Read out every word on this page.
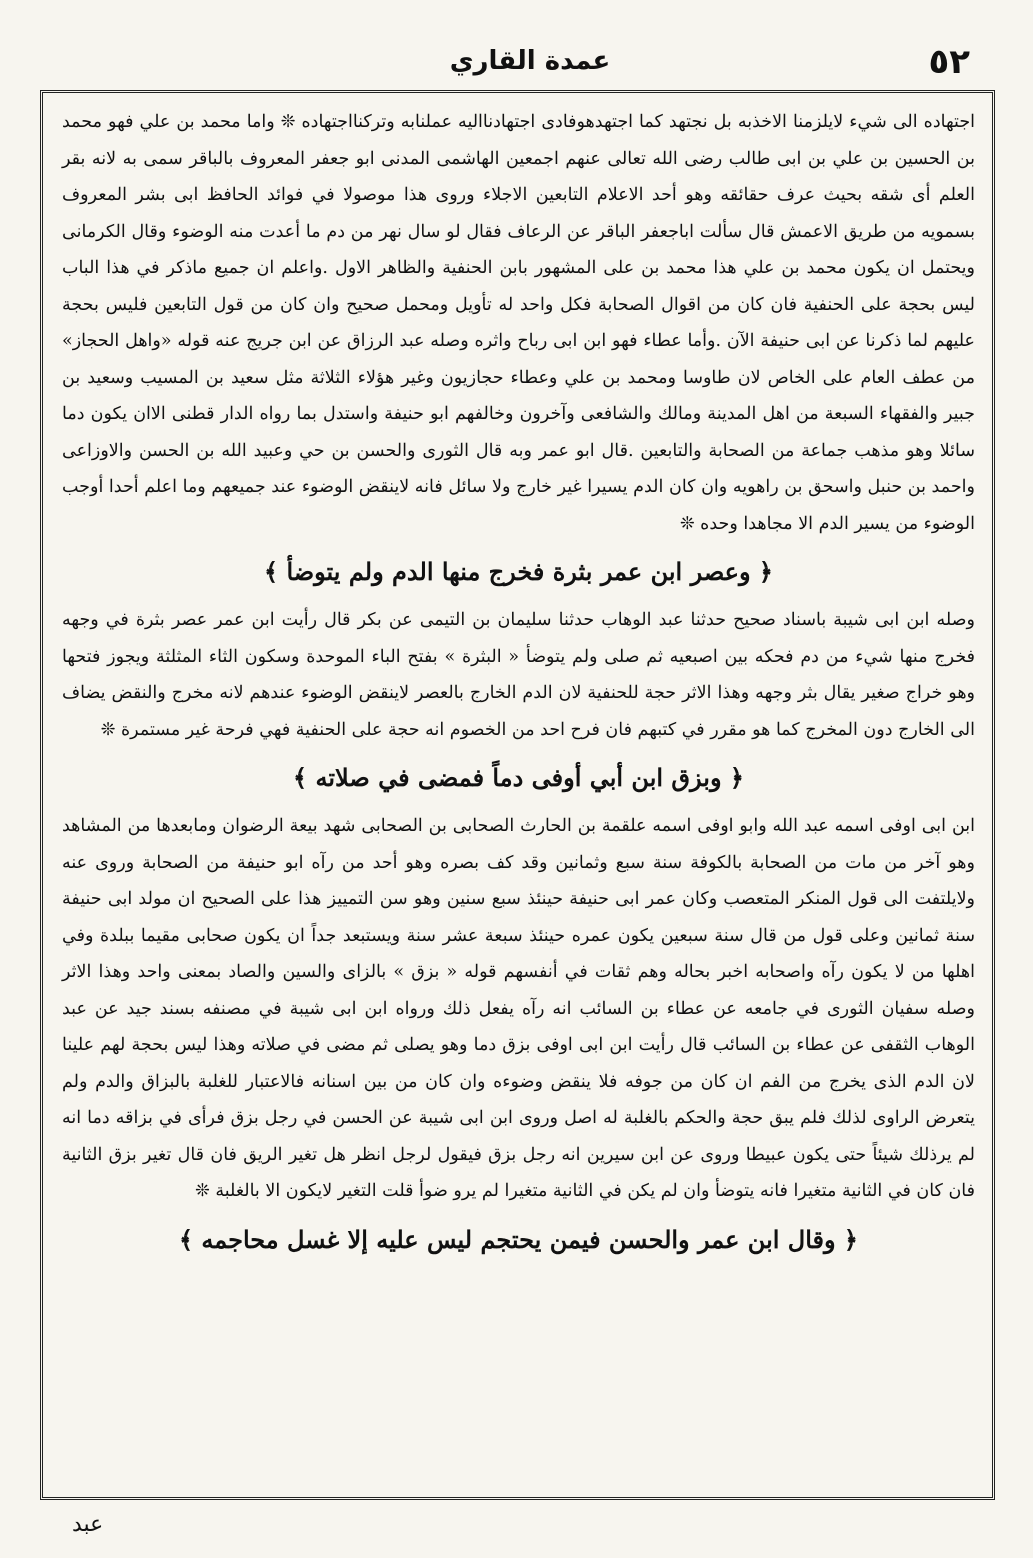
٥٢
عمدة القاري

اجتهاده الى شيء لايلزمنا الاخذبه بل نجتهد كما اجتهدهوفادى اجتهادنااليه عملنابه وتركنااجتهاده ❊ واما محمد بن علي فهو محمد بن الحسين بن علي بن ابى طالب رضى الله تعالى عنهم اجمعين الهاشمى المدنى ابو جعفر المعروف بالباقر سمى به لانه بقر العلم أى شقه بحيث عرف حقائقه وهو أحد الاعلام التابعين الاجلاء وروى هذا موصولا في فوائد الحافظ ابى بشر المعروف بسمويه من طريق الاعمش قال سألت اباجعفر الباقر عن الرعاف فقال لو سال نهر من دم ما أعدت منه الوضوء وقال الكرمانى ويحتمل ان يكون محمد بن علي هذا محمد بن على المشهور بابن الحنفية والظاهر الاول .واعلم ان جميع ماذكر في هذا الباب ليس بحجة على الحنفية فان كان من اقوال الصحابة فكل واحد له تأويل ومحمل صحيح وان كان من قول التابعين فليس بحجة عليهم لما ذكرنا عن ابى حنيفة الآن .وأما عطاء فهو ابن ابى رباح واثره وصله عبد الرزاق عن ابن جريج عنه قوله «واهل الحجاز» من عطف العام على الخاص لان طاوسا ومحمد بن علي وعطاء حجازيون وغير هؤلاء الثلاثة مثل سعيد بن المسيب وسعيد بن جبير والفقهاء السبعة من اهل المدينة ومالك والشافعى وآخرون وخالفهم ابو حنيفة واستدل بما رواه الدار قطنى الاان يكون دما سائلا وهو مذهب جماعة من الصحابة والتابعين .قال ابو عمر وبه قال الثورى والحسن بن حي وعبيد الله بن الحسن والاوزاعى واحمد بن حنبل واسحق بن راهويه وان كان الدم يسيرا غير خارج ولا سائل فانه لاينقض الوضوء عند جميعهم وما اعلم أحدا أوجب الوضوء من يسير الدم الا مجاهدا وحده ❊

﴿ وعصر ابن عمر بثرة فخرج منها الدم ولم يتوضأ ﴾

وصله ابن ابى شيبة باسناد صحيح حدثنا عبد الوهاب حدثنا سليمان بن التيمى عن بكر قال رأيت ابن عمر عصر بثرة في وجهه فخرج منها شيء من دم فحكه بين اصبعيه ثم صلى ولم يتوضأ « البثرة » بفتح الباء الموحدة وسكون الثاء المثلثة ويجوز فتحها وهو خراج صغير يقال بثر وجهه وهذا الاثر حجة للحنفية لان الدم الخارج بالعصر لاينقض الوضوء عندهم لانه مخرج والنقض يضاف الى الخارج دون المخرج كما هو مقرر في كتبهم فان فرح احد من الخصوم انه حجة على الحنفية فهي فرحة غير مستمرة ❊

﴿ وبزق ابن أبي أوفى دماً فمضى في صلاته ﴾

ابن ابى اوفى اسمه عبد الله وابو اوفى اسمه علقمة بن الحارث الصحابى بن الصحابى شهد بيعة الرضوان ومابعدها من المشاهد وهو آخر من مات من الصحابة بالكوفة سنة سبع وثمانين وقد كف بصره وهو أحد من رآه ابو حنيفة من الصحابة وروى عنه ولايلتفت الى قول المنكر المتعصب وكان عمر ابى حنيفة حينئذ سبع سنين وهو سن التمييز هذا على الصحيح ان مولد ابى حنيفة سنة ثمانين وعلى قول من قال سنة سبعين يكون عمره حينئذ سبعة عشر سنة ويستبعد جداً ان يكون صحابى مقيما ببلدة وفي اهلها من لا يكون رآه واصحابه اخبر بحاله وهم ثقات في أنفسهم قوله « بزق » بالزاى والسين والصاد بمعنى واحد وهذا الاثر وصله سفيان الثورى في جامعه عن عطاء بن السائب انه رآه يفعل ذلك ورواه ابن ابى شيبة في مصنفه بسند جيد عن عبد الوهاب الثقفى عن عطاء بن السائب قال رأيت ابن ابى اوفى بزق دما وهو يصلى ثم مضى في صلاته وهذا ليس بحجة لهم علينا لان الدم الذى يخرج من الفم ان كان من جوفه فلا ينقض وضوءه وان كان من بين اسنانه فالاعتبار للغلبة بالبزاق والدم ولم يتعرض الراوى لذلك فلم يبق حجة والحكم بالغلبة له اصل وروى ابن ابى شيبة عن الحسن في رجل بزق فرأى في بزاقه دما انه لم يرذلك شيئاً حتى يكون عبيطا وروى عن ابن سيرين انه رجل بزق فيقول لرجل انظر هل تغير الريق فان قال تغير بزق الثانية فان كان في الثانية متغيرا فانه يتوضأ وان لم يكن في الثانية متغيرا لم يرو ضوأ قلت التغير لايكون الا بالغلبة ❊

﴿ وقال ابن عمر والحسن فيمن يحتجم ليس عليه إلا غسل محاجمه ﴾

عبد
